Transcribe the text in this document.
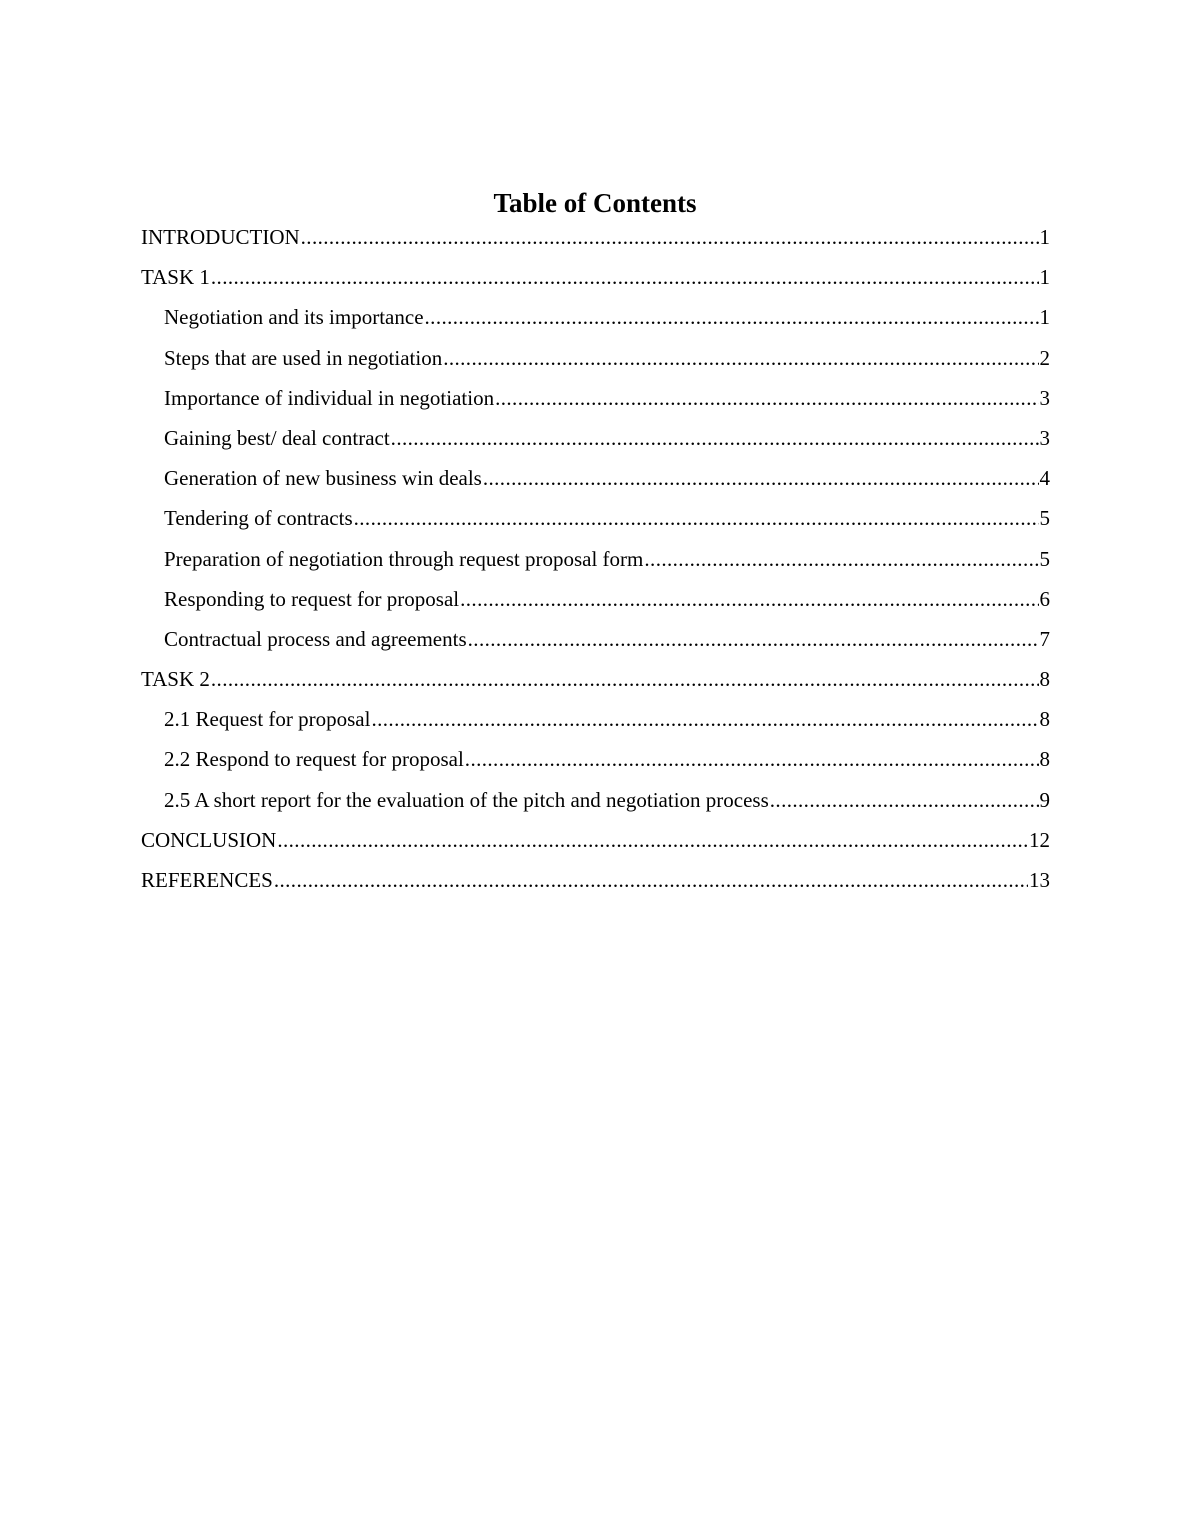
Table of Contents
INTRODUCTION .....	1
TASK 1 .....	1
Negotiation and its importance .....	1
Steps that are used in negotiation .....	2
Importance of individual in negotiation .....	3
Gaining best/ deal contract .....	3
Generation of new business win deals .....	4
Tendering of contracts .....	5
Preparation of negotiation through request proposal form .....	5
Responding to request for proposal .....	6
Contractual process and agreements .....	7
TASK 2 .....	8
2.1 Request for proposal .....	8
2.2 Respond to request for proposal .....	8
2.5 A short report for the evaluation of the pitch and negotiation process .....	9
CONCLUSION .....	12
REFERENCES .....	13
